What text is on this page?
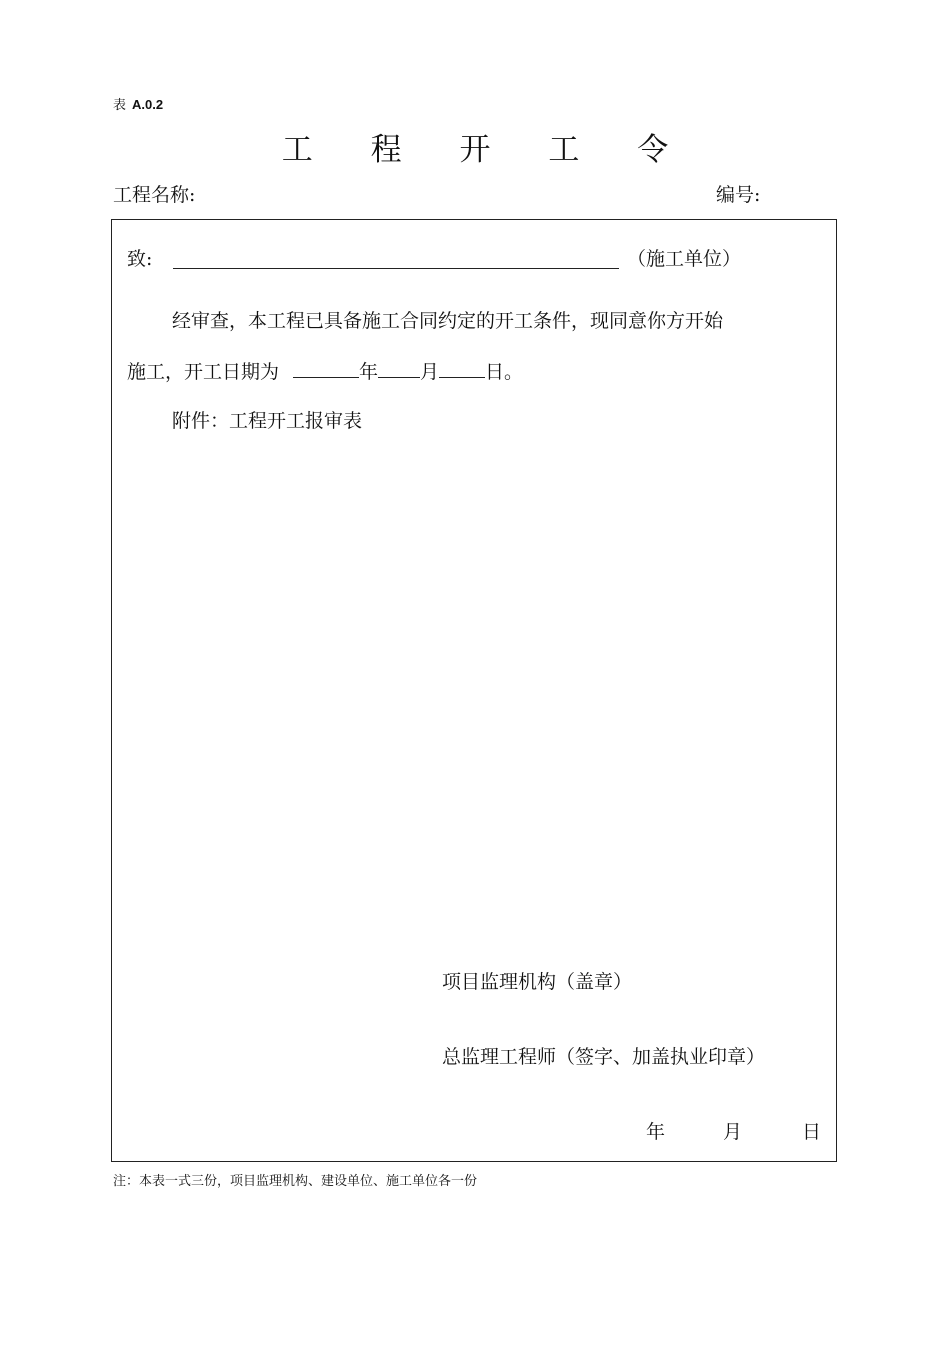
表 A.0.2
工 程 开 工 令
工程名称:	编号:
致:	（施工单位）
经审查，本工程已具备施工合同约定的开工条件，现同意你方开始
施工，开工日期为	年 月 日。
附件：工程开工报审表
项目监理机构（盖章）
总监理工程师（签字、加盖执业印章）
年	月	日
注：本表一式三份，项目监理机构、建设单位、施工单位各一份
